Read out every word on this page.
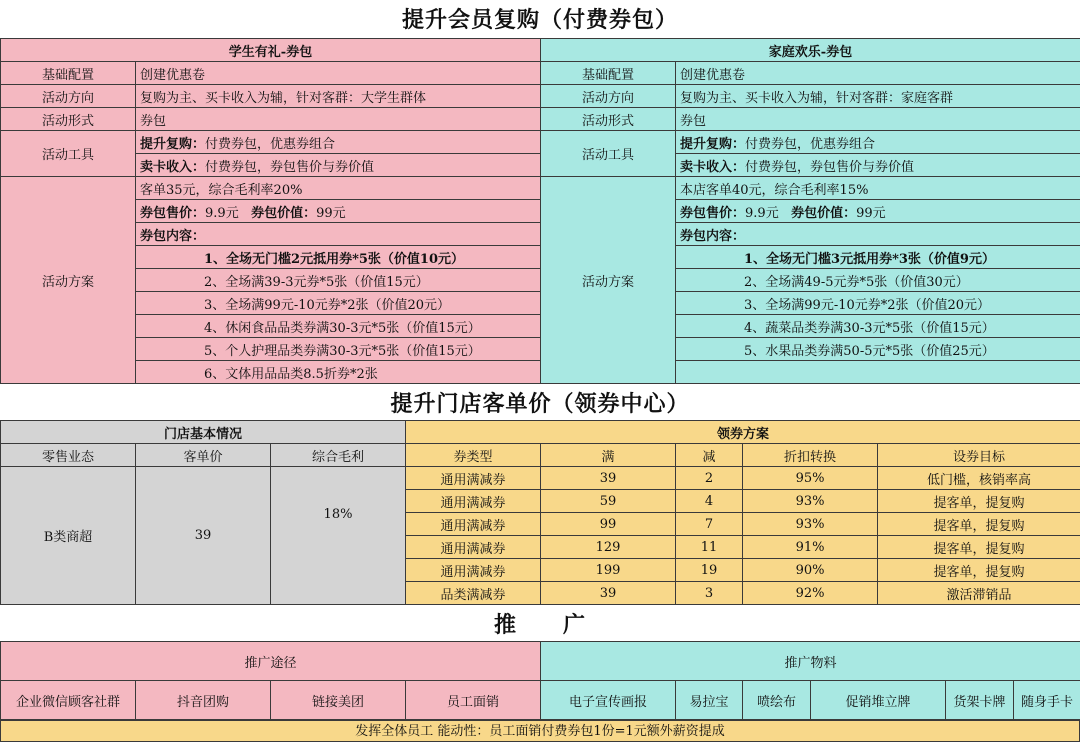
提升会员复购（付费券包）
学生有礼-券包		家庭欢乐-券包	
基础配置	创建优惠卷	基础配置	创建优惠卷
活动方向	复购为主、买卡收入为辅，针对客群：大学生群体	活动方向	复购为主、买卡收入为辅，针对客群：家庭客群
活动形式	券包	活动形式	券包
活动工具	提升复购：付费券包，优惠券组合	活动工具	提升复购：付费券包，优惠券组合
	卖卡收入：付费券包，券包售价与券价值		卖卡收入：付费券包，券包售价与券价值
活动方案	客单35元，综合毛利率20%	活动方案	本店客单40元，综合毛利率15%
	券包售价：9.9元 券包价值：99元		券包售价：9.9元 券包价值：99元
	券包内容：		券包内容：
	1、全场无门槛2元抵用券*5张（价值10元）		1、全场无门槛3元抵用券*3张（价值9元）
	2、全场满39-3元券*5张（价值15元）		2、全场满49-5元券*5张（价值30元）
	3、全场满99元-10元券*2张（价值20元）		3、全场满99元-10元券*2张（价值20元）
	4、休闲食品品类券满30-3元*5张（价值15元）		4、蔬菜品类券满30-3元*5张（价值15元）
	5、个人护理品类券满30-3元*5张（价值15元）		5、水果品类券满50-5元*5张（价值25元）
	6、文体用品品类8.5折券*2张		
提升门店客单价（领券中心）
门店基本情况			领券方案				
零售业态	客单价	综合毛利	券类型	满	减	折扣转换	设券目标
B类商超	39	18%	通用满减券	39	2	95%	低门槛，核销率高
			通用满减券	59	4	93%	提客单，提复购
			通用满减券	99	7	93%	提客单，提复购
			通用满减券	129	11	91%	提客单，提复购
			通用满减券	199	19	90%	提客单，提复购
			品类满减券	39	3	92%	激活滞销品
推　　广
推广途径				推广物料					
企业微信顾客社群	抖音团购	链接美团	员工面销	电子宣传画报	易拉宝	喷绘布	促销堆立牌	货架卡牌	随身手卡
发挥全体员工 能动性：员工面销付费券包1份=1元额外薪资提成
